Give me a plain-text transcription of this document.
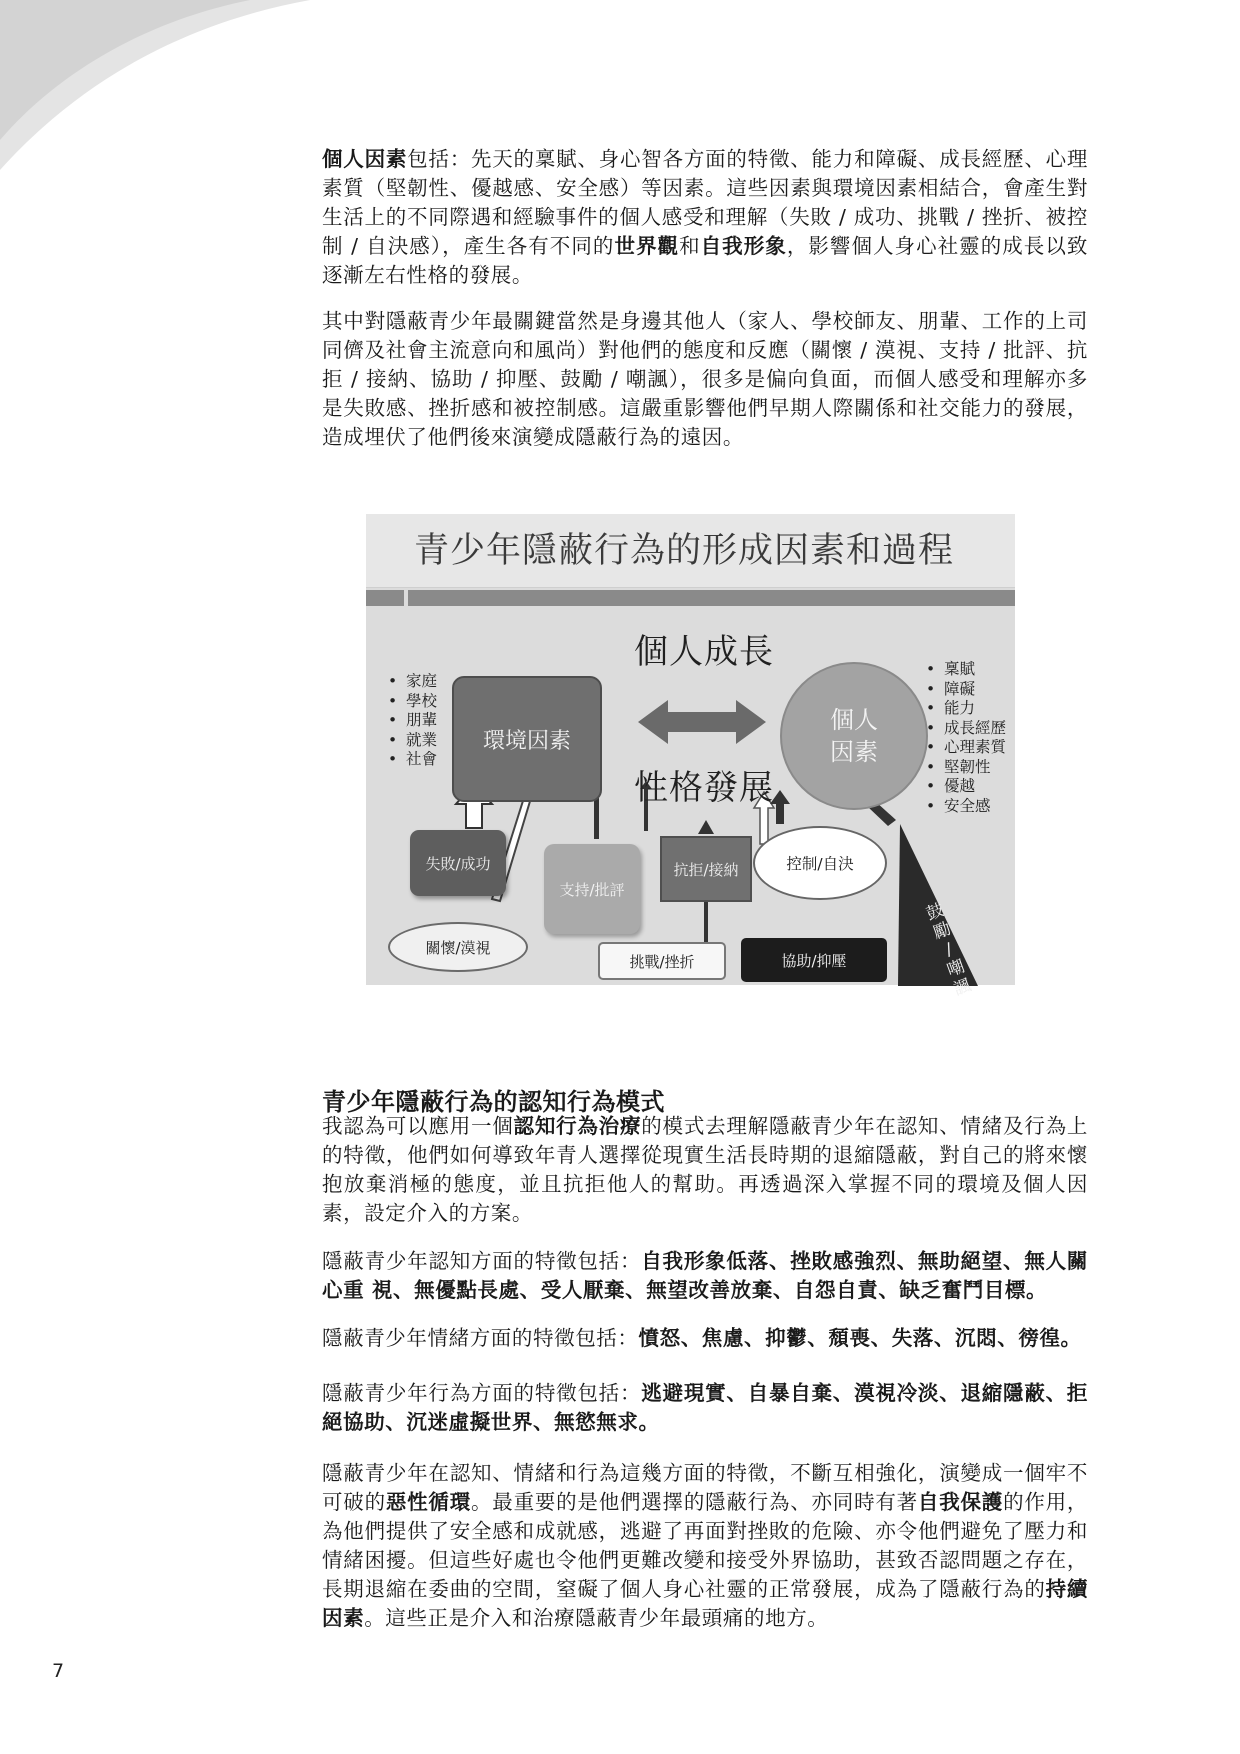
個人因素包括：先天的稟賦、身心智各方面的特徵、能力和障礙、成長經歷、心理素質（堅韌性、優越感、安全感）等因素。這些因素與環境因素相結合，會產生對生活上的不同際遇和經驗事件的個人感受和理解（失敗 / 成功、挑戰 / 挫折、被控制 / 自決感），產生各有不同的世界觀和自我形象，影響個人身心社靈的成長以致逐漸左右性格的發展。

其中對隱蔽青少年最關鍵當然是身邊其他人（家人、學校師友、朋輩、工作的上司同儕及社會主流意向和風尚）對他們的態度和反應（關懷 / 漠視、支持 / 批評、抗拒 / 接納、協助 / 抑壓、鼓勵 / 嘲諷），很多是偏向負面，而個人感受和理解亦多是失敗感、挫折感和被控制感。這嚴重影響他們早期人際關係和社交能力的發展，造成埋伏了他們後來演變成隱蔽行為的遠因。

青少年隱蔽行為的形成因素和過程
個人成長
性格發展
• 家庭
• 學校
• 朋輩
• 就業
• 社會
• 稟賦
• 障礙
• 能力
• 成長經歷
• 心理素質
• 堅韌性
• 優越
• 安全感
環境因素
個人
因素
失敗/成功
關懷/漠視
支持/批評
抗拒/接納
挑戰/挫折	協助/抑壓
控制/自決
鼓勵
/
嘲諷
青少年隱蔽行為的認知行為模式

我認為可以應用一個認知行為治療的模式去理解隱蔽青少年在認知、情緒及行為上的特徵，他們如何導致年青人選擇從現實生活長時期的退縮隱蔽，對自己的將來懷抱放棄消極的態度，並且抗拒他人的幫助。再透過深入掌握不同的環境及個人因素，設定介入的方案。

隱蔽青少年認知方面的特徵包括：自我形象低落、挫敗感強烈、無助絕望、無人關心重 視、無優點長處、受人厭棄、無望改善放棄、自怨自責、缺乏奮鬥目標。

隱蔽青少年情緒方面的特徵包括：憤怒、焦慮、抑鬱、頹喪、失落、沉悶、徬徨。

隱蔽青少年行為方面的特徵包括：逃避現實、自暴自棄、漠視冷淡、退縮隱蔽、拒絕協助、沉迷虛擬世界、無慾無求。

隱蔽青少年在認知、情緒和行為這幾方面的特徵，不斷互相強化，演變成一個牢不可破的惡性循環。最重要的是他們選擇的隱蔽行為、亦同時有著自我保護的作用，為他們提供了安全感和成就感，逃避了再面對挫敗的危險、亦令他們避免了壓力和情緒困擾。但這些好處也令他們更難改變和接受外界協助，甚致否認問題之存在，長期退縮在委曲的空間，窒礙了個人身心社靈的正常發展，成為了隱蔽行為的持續因素。這些正是介入和治療隱蔽青少年最頭痛的地方。

7
